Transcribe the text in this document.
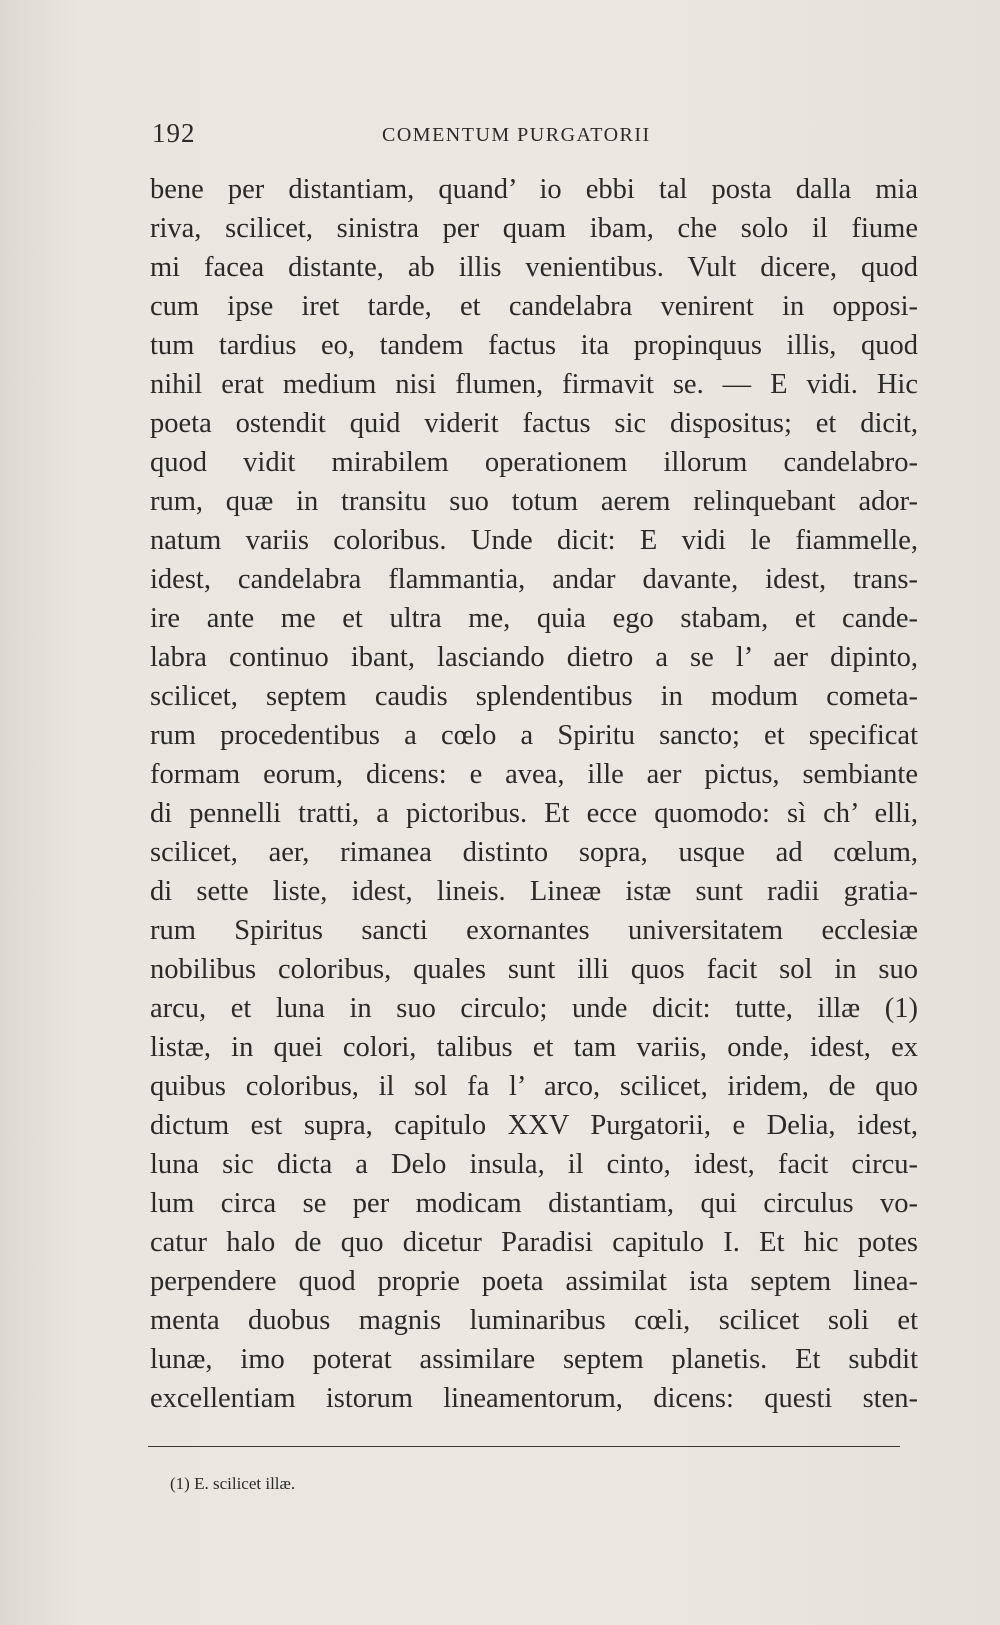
192	COMENTUM PURGATORII
bene per distantiam, quand’ io ebbi tal posta dalla mia
riva, scilicet, sinistra per quam ibam, che solo il fiume
mi facea distante, ab illis venientibus. Vult dicere, quod
cum ipse iret tarde, et candelabra venirent in opposi-
tum tardius eo, tandem factus ita propinquus illis, quod
nihil erat medium nisi flumen, firmavit se. — E vidi. Hic
poeta ostendit quid viderit factus sic dispositus; et dicit,
quod vidit mirabilem operationem illorum candelabro-
rum, quæ in transitu suo totum aerem relinquebant ador-
natum variis coloribus. Unde dicit: E vidi le fiammelle,
idest, candelabra flammantia, andar davante, idest, trans-
ire ante me et ultra me, quia ego stabam, et cande-
labra continuo ibant, lasciando dietro a se l’ aer dipinto,
scilicet, septem caudis splendentibus in modum cometa-
rum procedentibus a cœlo a Spiritu sancto; et specificat
formam eorum, dicens: e avea, ille aer pictus, sembiante
di pennelli tratti, a pictoribus. Et ecce quomodo: sì ch’ elli,
scilicet, aer, rimanea distinto sopra, usque ad cœlum,
di sette liste, idest, lineis. Lineæ istæ sunt radii gratia-
rum Spiritus sancti exornantes universitatem ecclesiæ
nobilibus coloribus, quales sunt illi quos facit sol in suo
arcu, et luna in suo circulo; unde dicit: tutte, illæ (1)
listæ, in quei colori, talibus et tam variis, onde, idest, ex
quibus coloribus, il sol fa l’ arco, scilicet, iridem, de quo
dictum est supra, capitulo XXV Purgatorii, e Delia, idest,
luna sic dicta a Delo insula, il cinto, idest, facit circu-
lum circa se per modicam distantiam, qui circulus vo-
catur halo de quo dicetur Paradisi capitulo I. Et hic potes
perpendere quod proprie poeta assimilat ista septem linea-
menta duobus magnis luminaribus cœli, scilicet soli et
lunæ, imo poterat assimilare septem planetis. Et subdit
excellentiam istorum lineamentorum, dicens: questi sten-
(1) E. scilicet illæ.
